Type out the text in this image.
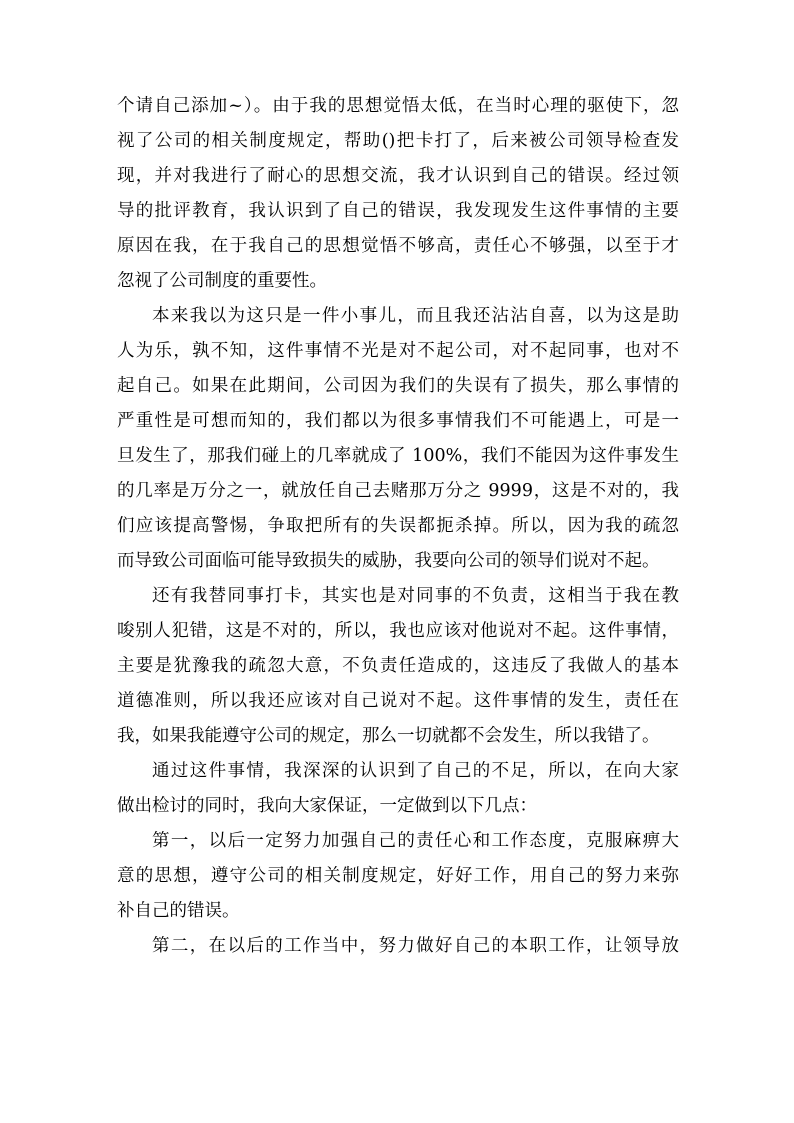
个请自己添加~）。由于我的思想觉悟太低，在当时心理的驱使下，忽
视了公司的相关制度规定，帮助()把卡打了，后来被公司领导检查发
现，并对我进行了耐心的思想交流，我才认识到自己的错误。经过领
导的批评教育，我认识到了自己的错误，我发现发生这件事情的主要
原因在我，在于我自己的思想觉悟不够高，责任心不够强，以至于才
忽视了公司制度的重要性。
本来我以为这只是一件小事儿，而且我还沾沾自喜，以为这是助
人为乐，孰不知，这件事情不光是对不起公司，对不起同事，也对不
起自己。如果在此期间，公司因为我们的失误有了损失，那么事情的
严重性是可想而知的，我们都以为很多事情我们不可能遇上，可是一
旦发生了，那我们碰上的几率就成了 100%，我们不能因为这件事发生
的几率是万分之一，就放任自己去赌那万分之 9999，这是不对的，我
们应该提高警惕，争取把所有的失误都扼杀掉。所以，因为我的疏忽
而导致公司面临可能导致损失的威胁，我要向公司的领导们说对不起。
还有我替同事打卡，其实也是对同事的不负责，这相当于我在教
唆别人犯错，这是不对的，所以，我也应该对他说对不起。这件事情，
主要是犹豫我的疏忽大意，不负责任造成的，这违反了我做人的基本
道德准则，所以我还应该对自己说对不起。这件事情的发生，责任在
我，如果我能遵守公司的规定，那么一切就都不会发生，所以我错了。
通过这件事情，我深深的认识到了自己的不足，所以，在向大家
做出检讨的同时，我向大家保证，一定做到以下几点：
第一，以后一定努力加强自己的责任心和工作态度，克服麻痹大
意的思想，遵守公司的相关制度规定，好好工作，用自己的努力来弥
补自己的错误。
第二，在以后的工作当中，努力做好自己的本职工作，让领导放
